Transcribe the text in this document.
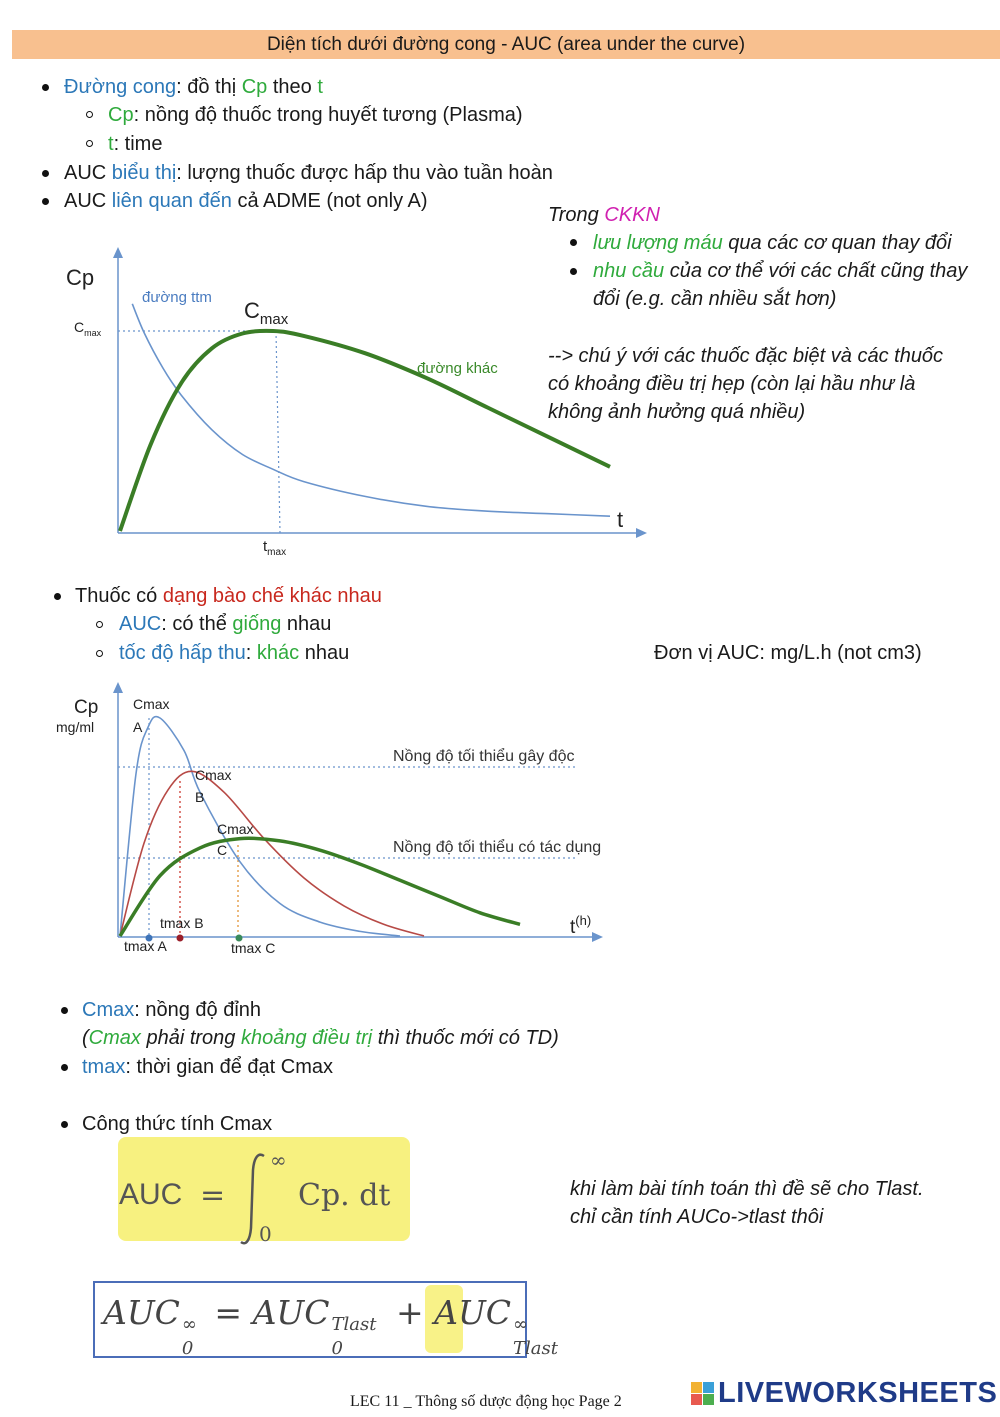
Diện tích dưới đường cong - AUC (area under the curve)
Đường cong: đồ thị Cp theo t
Cp: nồng độ thuốc trong huyết tương (Plasma)
t: time
AUC biểu thị: lượng thuốc được hấp thu vào tuần hoàn
AUC liên quan đến cả ADME (not only A)
Trong CKKN
lưu lượng máu qua các cơ quan thay đổi
nhu cầu của cơ thể với các chất cũng thay
đổi (e.g. cần nhiều sắt hơn)
--> chú ý với các thuốc đặc biệt và các thuốc
có khoảng điều trị hẹp (còn lại hầu như là
không ảnh hưởng quá nhiều)
Cp
$C_{max}$
$C_{max}$
$t_{max}$
t
đường ttm
đường khác
Cp
mg/ml
Cmax
A
Cmax
B
Cmax
C
Nồng độ tối thiểu gây độc
Nồng độ tối thiểu có tác dụng
tmax A
tmax B
tmax C
$t^{(h)}$
Thuốc có dạng bào chế khác nhau
AUC: có thể giống nhau
tốc độ hấp thu: khác nhau	Đơn vị AUC: mg/L.h (not cm3)
Cmax: nồng độ đỉnh
(Cmax phải trong khoảng điều trị thì thuốc mới có TD)
tmax: thời gian để đạt Cmax
Công thức tính Cmax
AUC =
∞
0
Cp. dt	khi làm bài tính toán thì đề sẽ cho Tlast.
chỉ cần tính AUCo->tlast thôi
AUC ∞
0
= AUC Tlast
0
+ AUC ∞
Tlast
LEC 11 _ Thông số dược động học Page 2	LIVEWORKSHEETS
